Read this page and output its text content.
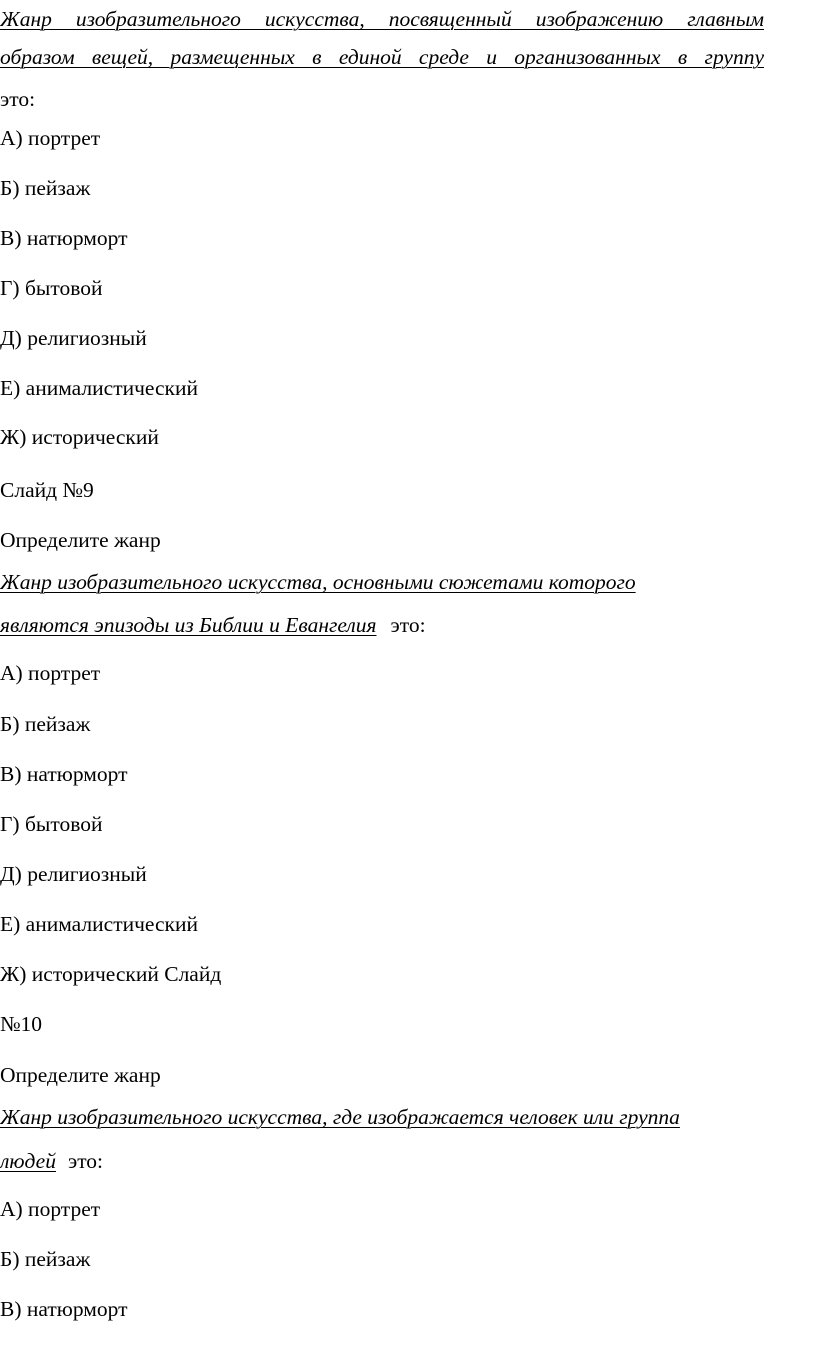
Жанр изобразительного искусства, посвященный изображению главным
образом вещей, размещенных в единой среде и организованных в группу
это:
А) портрет
Б) пейзаж
В) натюрморт
Г) бытовой
Д) религиозный
Е) анималистический
Ж) исторический
Слайд №9
Определите жанр
Жанр изобразительного искусства, основными сюжетами которого
являются эпизоды из Библии и Евангелия это:
А) портрет
Б) пейзаж
В) натюрморт
Г) бытовой
Д) религиозный
Е) анималистический
Ж) исторический Слайд
№10
Определите жанр
Жанр изобразительного искусства, где изображается человек или группа
людей это:
А) портрет
Б) пейзаж
В) натюрморт
